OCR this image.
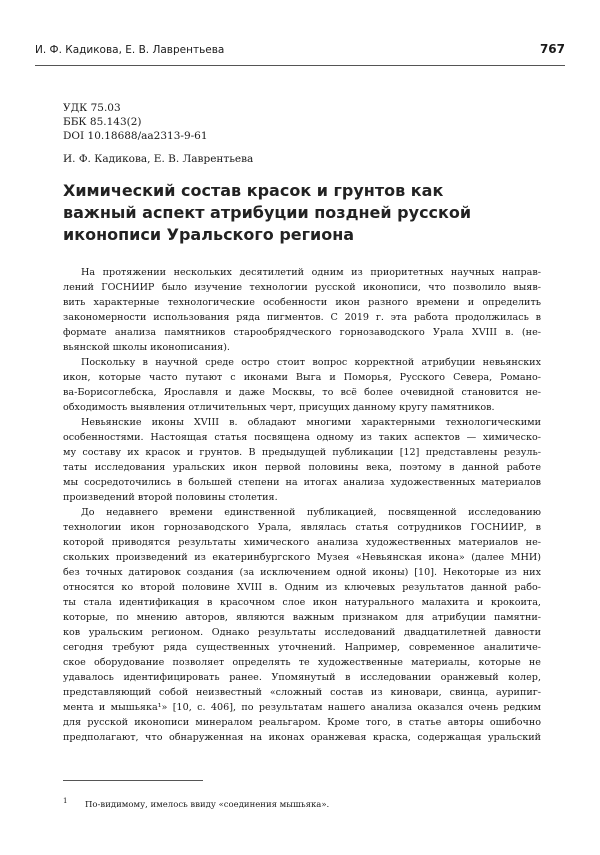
И. Ф. Кадикова, Е. В. Лаврентьева	767
УДК 75.03
ББК 85.143(2)
DOI 10.18688/aa2313-9-61
И. Ф. Кадикова, Е. В. Лаврентьева
Химический состав красок и грунтов как
важный аспект атрибуции поздней русской
иконописи Уральского региона
На протяжении нескольких десятилетий одним из приоритетных научных направ-
лений ГОСНИИР было изучение технологии русской иконописи, что позволило выяв-
вить характерные технологические особенности икон разного времени и определить
закономерности использования ряда пигментов. С 2019 г. эта работа продолжилась в
формате анализа памятников старообрядческого горнозаводского Урала XVIII в. (не-
вьянской школы иконописания).
Поскольку в научной среде остро стоит вопрос корректной атрибуции невьянских
икон, которые часто путают с иконами Выга и Поморья, Русского Севера, Романо-
ва-Борисоглебска, Ярославля и даже Москвы, то всё более очевидной становится не-
обходимость выявления отличительных черт, присущих данному кругу памятников.
Невьянские иконы XVIII в. обладают многими характерными технологическими
особенностями. Настоящая статья посвящена одному из таких аспектов — химическо-
му составу их красок и грунтов. В предыдущей публикации [12] представлены резуль-
таты исследования уральских икон первой половины века, поэтому в данной работе
мы сосредоточились в большей степени на итогах анализа художественных материалов
произведений второй половины столетия.
До недавнего времени единственной публикацией, посвященной исследованию
технологии икон горнозаводского Урала, являлась статья сотрудников ГОСНИИР, в
которой приводятся результаты химического анализа художественных материалов не-
скольких произведений из екатеринбургского Музея «Невьянская икона» (далее МНИ)
без точных датировок создания (за исключением одной иконы) [10]. Некоторые из них
относятся ко второй половине XVIII в. Одним из ключевых результатов данной рабо-
ты стала идентификация в красочном слое икон натурального малахита и крокоита,
которые, по мнению авторов, являются важным признаком для атрибуции памятни-
ков уральским регионом. Однако результаты исследований двадцатилетней давности
сегодня требуют ряда существенных уточнений. Например, современное аналитиче-
ское оборудование позволяет определять те художественные материалы, которые не
удавалось идентифицировать ранее. Упомянутый в исследовании оранжевый колер,
представляющий собой неизвестный «сложный состав из киновари, свинца, аурипиг-
мента и мышьяка¹» [10, с. 406], по результатам нашего анализа оказался очень редким
для русской иконописи минералом реальгаром. Кроме того, в статье авторы ошибочно
предполагают, что обнаруженная на иконах оранжевая краска, содержащая уральский
1 По-видимому, имелось ввиду «соединения мышьяка».
